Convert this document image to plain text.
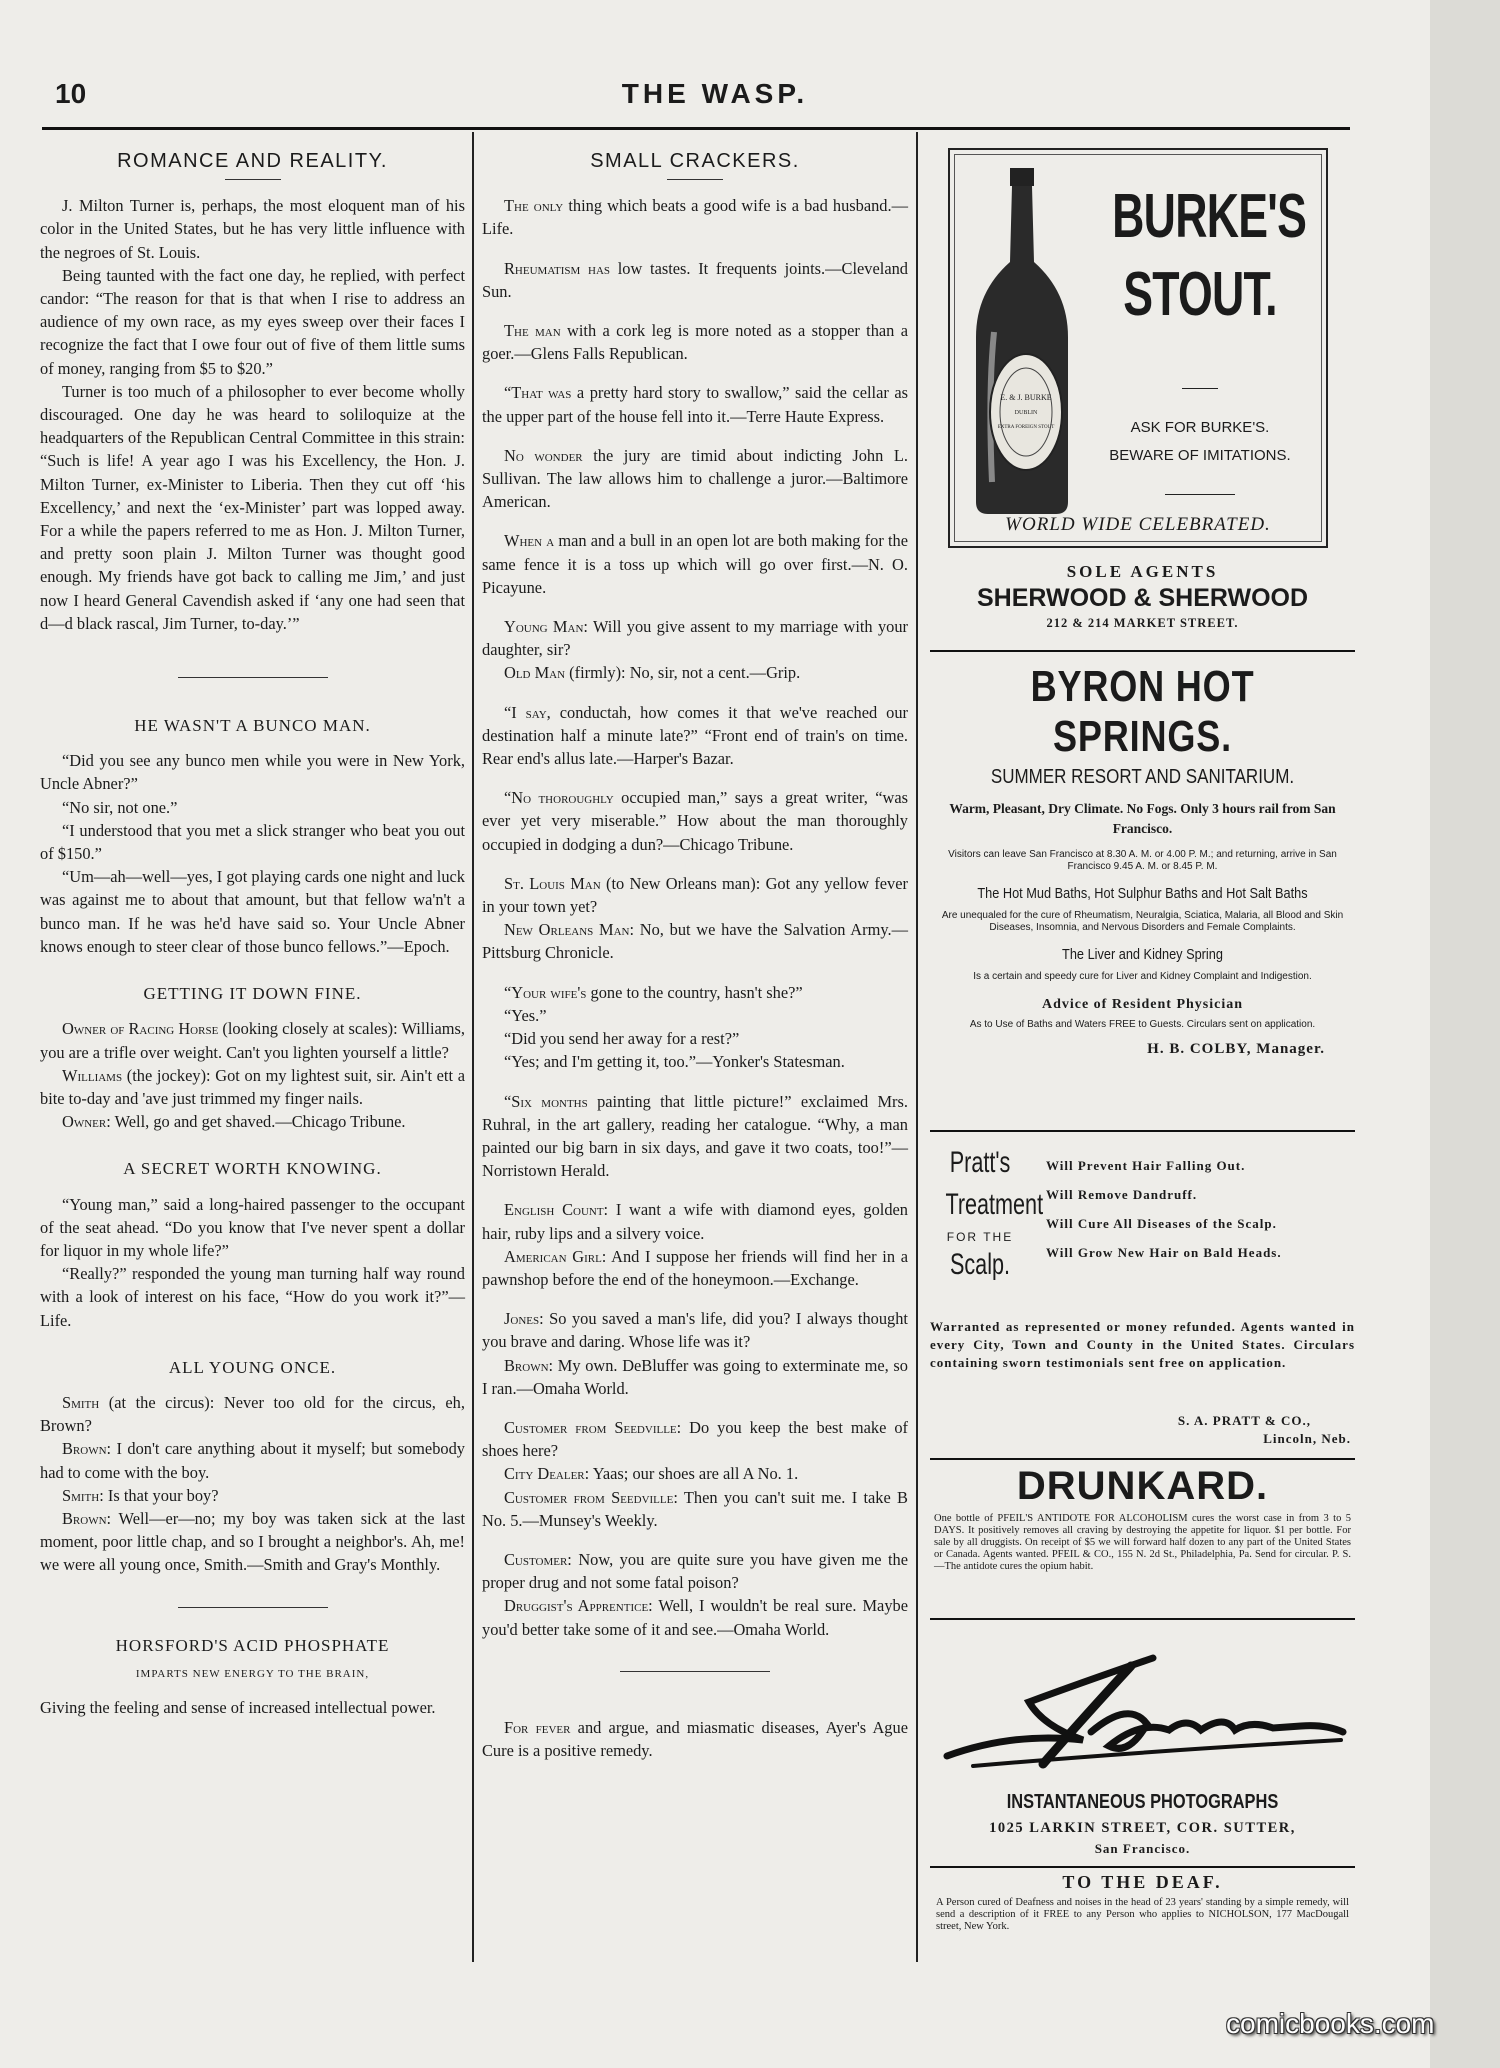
10	THE WASP.
ROMANCE AND REALITY.

J. Milton Turner is, perhaps, the most eloquent man of his color in the United States, but he has very little influence with the negroes of St. Louis.

Being taunted with the fact one day, he replied, with perfect candor: “The reason for that is that when I rise to address an audience of my own race, as my eyes sweep over their faces I recognize the fact that I owe four out of five of them little sums of money, ranging from $5 to $20.”

Turner is too much of a philosopher to ever become wholly discouraged. One day he was heard to soliloquize at the headquarters of the Republican Central Committee in this strain: “Such is life! A year ago I was his Excellency, the Hon. J. Milton Turner, ex-Minister to Liberia. Then they cut off ‘his Excellency,’ and next the ‘ex-Minister’ part was lopped away. For a while the papers referred to me as Hon. J. Milton Turner, and pretty soon plain J. Milton Turner was thought good enough. My friends have got back to calling me Jim,’ and just now I heard General Cavendish asked if ‘any one had seen that d—d black rascal, Jim Turner, to-day.’”

HE WASN'T A BUNCO MAN.

“Did you see any bunco men while you were in New York, Uncle Abner?”

“No sir, not one.”

“I understood that you met a slick stranger who beat you out of $150.”

“Um—ah—well—yes, I got playing cards one night and luck was against me to about that amount, but that fellow wa'n't a bunco man. If he was he'd have said so. Your Uncle Abner knows enough to steer clear of those bunco fellows.”—Epoch.

GETTING IT DOWN FINE.

Owner of Racing Horse (looking closely at scales): Williams, you are a trifle over weight. Can't you lighten yourself a little?

Williams (the jockey): Got on my lightest suit, sir. Ain't ett a bite to-day and 'ave just trimmed my finger nails.

Owner: Well, go and get shaved.—Chicago Tribune.

A SECRET WORTH KNOWING.

“Young man,” said a long-haired passenger to the occupant of the seat ahead. “Do you know that I've never spent a dollar for liquor in my whole life?”

“Really?” responded the young man turning half way round with a look of interest on his face, “How do you work it?”—Life.

ALL YOUNG ONCE.

Smith (at the circus): Never too old for the circus, eh, Brown?

Brown: I don't care anything about it myself; but somebody had to come with the boy.

Smith: Is that your boy?

Brown: Well—er—no; my boy was taken sick at the last moment, poor little chap, and so I brought a neighbor's. Ah, me! we were all young once, Smith.—Smith and Gray's Monthly.

HORSFORD'S ACID PHOSPHATE
IMPARTS NEW ENERGY TO THE BRAIN,

Giving the feeling and sense of increased intellectual power.

SMALL CRACKERS.

The only thing which beats a good wife is a bad husband.—Life.

Rheumatism has low tastes. It frequents joints.—Cleveland Sun.

The man with a cork leg is more noted as a stopper than a goer.—Glens Falls Republican.

“That was a pretty hard story to swallow,” said the cellar as the upper part of the house fell into it.—Terre Haute Express.

No wonder the jury are timid about indicting John L. Sullivan. The law allows him to challenge a juror.—Baltimore American.

When a man and a bull in an open lot are both making for the same fence it is a toss up which will go over first.—N. O. Picayune.

Young Man: Will you give assent to my marriage with your daughter, sir?

Old Man (firmly): No, sir, not a cent.—Grip.

“I say, conductah, how comes it that we've reached our destination half a minute late?” “Front end of train's on time. Rear end's allus late.—Harper's Bazar.

“No thoroughly occupied man,” says a great writer, “was ever yet very miserable.” How about the man thoroughly occupied in dodging a dun?—Chicago Tribune.

St. Louis Man (to New Orleans man): Got any yellow fever in your town yet?

New Orleans Man: No, but we have the Salvation Army.—Pittsburg Chronicle.

“Your wife's gone to the country, hasn't she?”

“Yes.”

“Did you send her away for a rest?”

“Yes; and I'm getting it, too.”—Yonker's Statesman.

“Six months painting that little picture!” exclaimed Mrs. Ruhral, in the art gallery, reading her catalogue. “Why, a man painted our big barn in six days, and gave it two coats, too!”—Norristown Herald.

English Count: I want a wife with diamond eyes, golden hair, ruby lips and a silvery voice.

American Girl: And I suppose her friends will find her in a pawnshop before the end of the honeymoon.—Exchange.

Jones: So you saved a man's life, did you? I always thought you brave and daring. Whose life was it?

Brown: My own. DeBluffer was going to exterminate me, so I ran.—Omaha World.

Customer from Seedville: Do you keep the best make of shoes here?

City Dealer: Yaas; our shoes are all A No. 1.

Customer from Seedville: Then you can't suit me. I take B No. 5.—Munsey's Weekly.

Customer: Now, you are quite sure you have given me the proper drug and not some fatal poison?

Druggist's Apprentice: Well, I wouldn't be real sure. Maybe you'd better take some of it and see.—Omaha World.

For fever and argue, and miasmatic diseases, Ayer's Ague Cure is a positive remedy.

E. & J. BURKE
DUBLIN
EXTRA FOREIGN STOUT
BURKE'S
STOUT.
ASK FOR BURKE'S.
BEWARE OF IMITATIONS.
WORLD WIDE CELEBRATED.
SOLE AGENTS
SHERWOOD & SHERWOOD
212 & 214 MARKET STREET.
BYRON HOT SPRINGS.
SUMMER RESORT AND SANITARIUM.
Warm, Pleasant, Dry Climate. No Fogs. Only 3 hours rail from San Francisco.
Visitors can leave San Francisco at 8.30 A. M. or 4.00 P. M.; and returning, arrive in San Francisco 9.45 A. M. or 8.45 P. M.
The Hot Mud Baths, Hot Sulphur Baths and Hot Salt Baths
Are unequaled for the cure of Rheumatism, Neuralgia, Sciatica, Malaria, all Blood and Skin Diseases, Insomnia, and Nervous Disorders and Female Complaints.
The Liver and Kidney Spring
Is a certain and speedy cure for Liver and Kidney Complaint and Indigestion.
Advice of Resident Physician
As to Use of Baths and Waters FREE to Guests. Circulars sent on application.
H. B. COLBY, Manager.
Pratt's
Treatment
FOR THE
Scalp.
Will Prevent Hair Falling Out.
Will Remove Dandruff.
Will Cure All Diseases of the Scalp.
Will Grow New Hair on Bald Heads.
Warranted as represented or money refunded. Agents wanted in every City, Town and County in the United States. Circulars containing sworn testimonials sent free on application.
S. A. PRATT & CO.,
Lincoln, Neb.
DRUNKARD.
One bottle of PFEIL'S ANTIDOTE FOR ALCOHOLISM cures the worst case in from 3 to 5 DAYS. It positively removes all craving by destroying the appetite for liquor. $1 per bottle. For sale by all druggists. On receipt of $5 we will forward half dozen to any part of the United States or Canada. Agents wanted. PFEIL & CO., 155 N. 2d St., Philadelphia, Pa. Send for circular. P. S.—The antidote cures the opium habit.
INSTANTANEOUS PHOTOGRAPHS
1025 LARKIN STREET, COR. SUTTER,
San Francisco.
TO THE DEAF.
A Person cured of Deafness and noises in the head of 23 years' standing by a simple remedy, will send a description of it FREE to any Person who applies to NICHOLSON, 177 MacDougall street, New York.
comicbooks.com
